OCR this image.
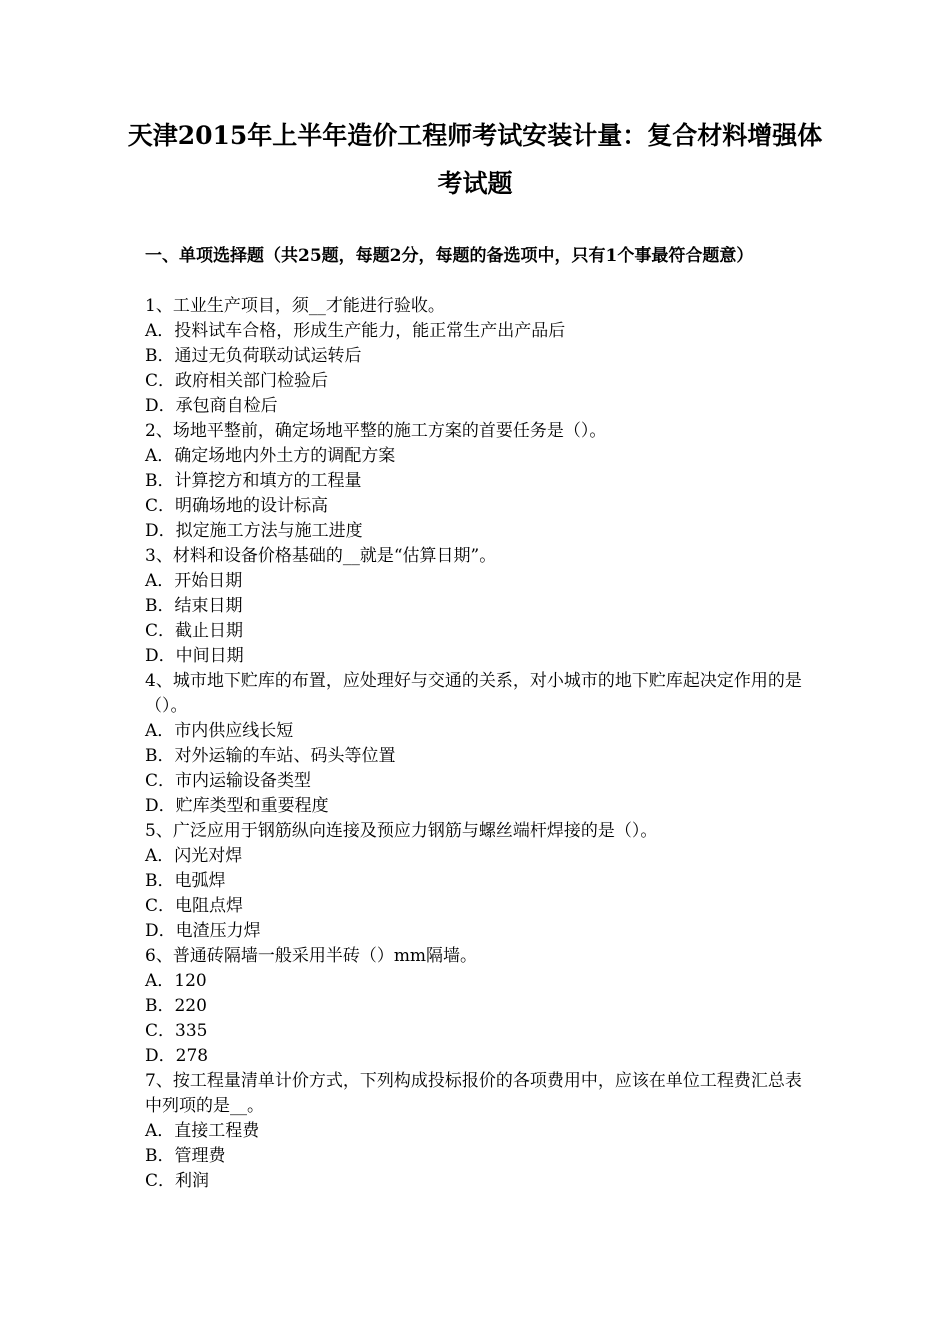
天津2015年上半年造价工程师考试安装计量：复合材料增强体考试题

一、单项选择题（共25题，每题2分，每题的备选项中，只有1个事最符合题意）

1、工业生产项目，须__才能进行验收。
A．投料试车合格，形成生产能力，能正常生产出产品后
B．通过无负荷联动试运转后
C．政府相关部门检验后
D．承包商自检后
2、场地平整前，确定场地平整的施工方案的首要任务是（）。
A．确定场地内外土方的调配方案
B．计算挖方和填方的工程量
C．明确场地的设计标高
D．拟定施工方法与施工进度
3、材料和设备价格基础的__就是“估算日期”。
A．开始日期
B．结束日期
C．截止日期
D．中间日期
4、城市地下贮库的布置，应处理好与交通的关系，对小城市的地下贮库起决定作用的是（）。
A．市内供应线长短
B．对外运输的车站、码头等位置
C．市内运输设备类型
D．贮库类型和重要程度
5、广泛应用于钢筋纵向连接及预应力钢筋与螺丝端杆焊接的是（）。
A．闪光对焊
B．电弧焊
C．电阻点焊
D．电渣压力焊
6、普通砖隔墙一般采用半砖（）mm隔墙。
A．120
B．220
C．335
D．278
7、按工程量清单计价方式，下列构成投标报价的各项费用中，应该在单位工程费汇总表中列项的是__。
A．直接工程费
B．管理费
C．利润
